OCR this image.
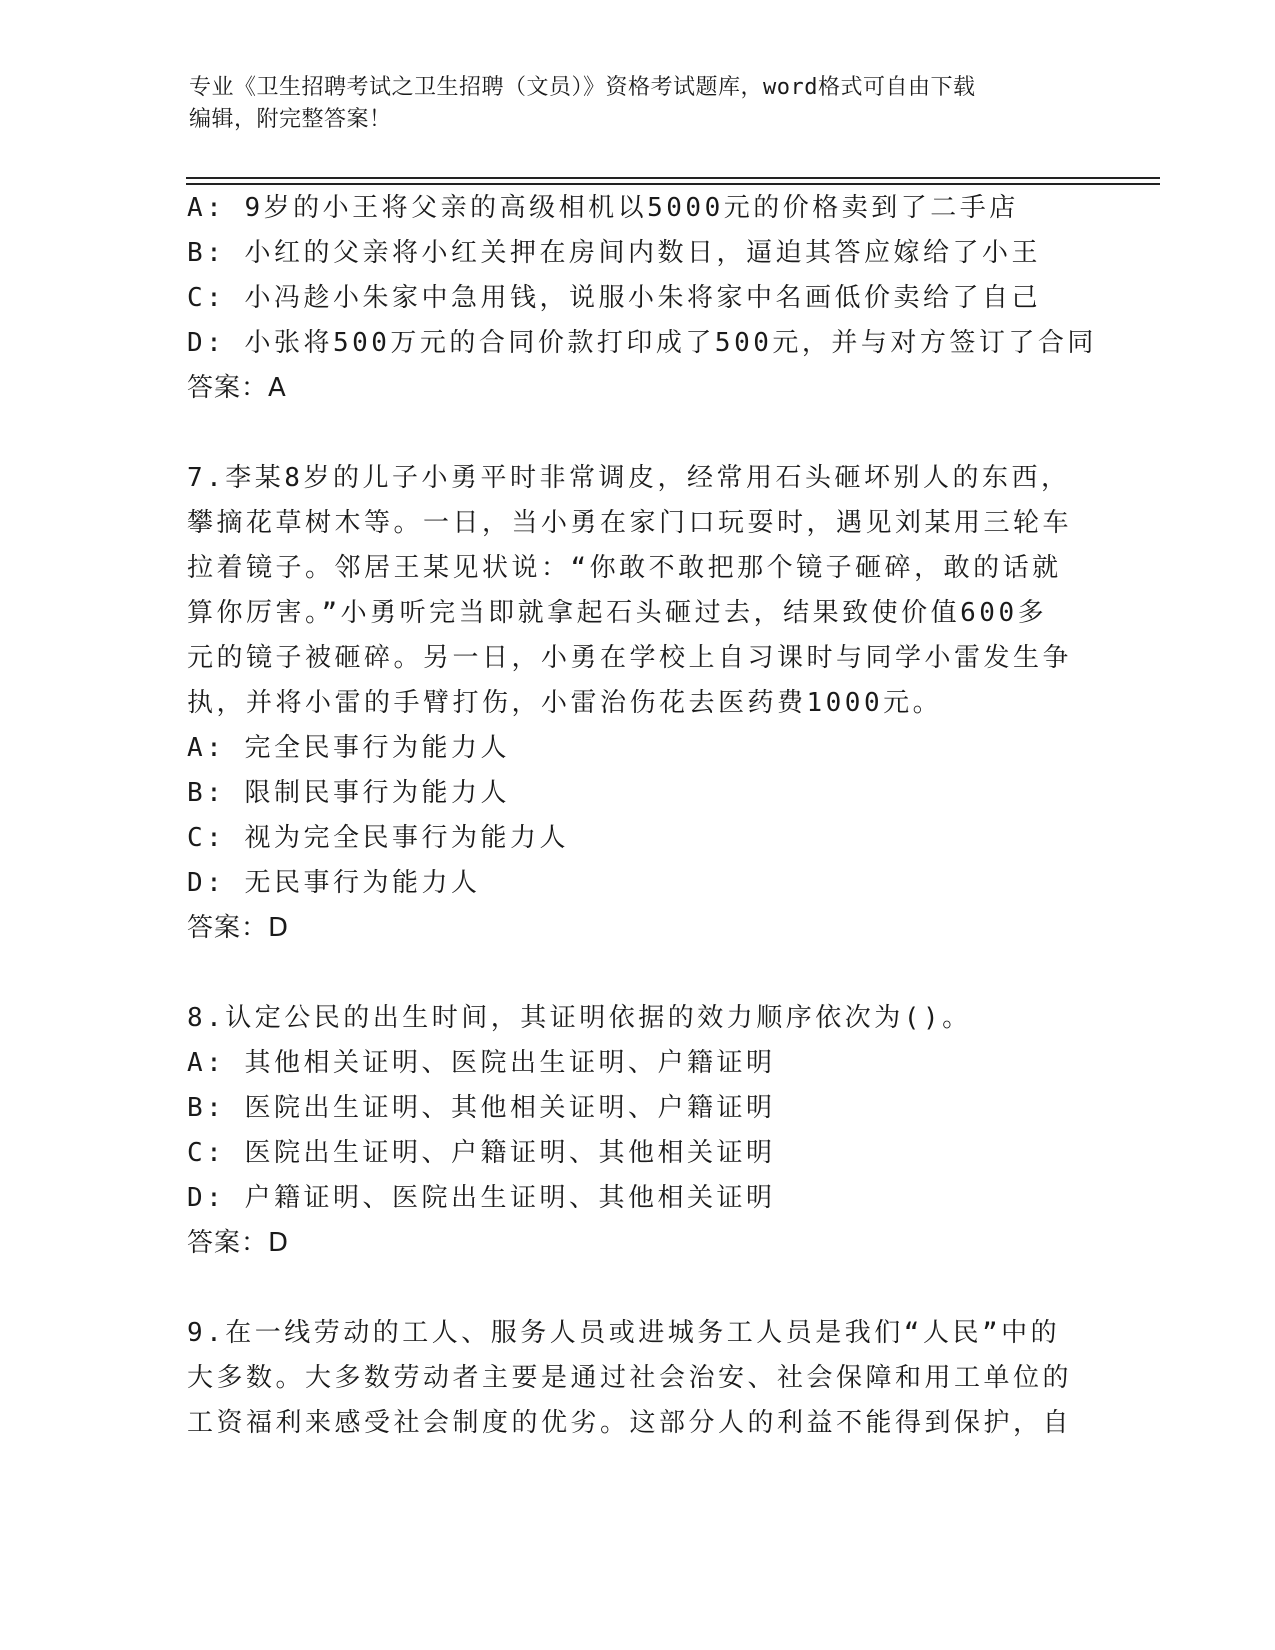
专业《卫生招聘考试之卫生招聘（文员）》资格考试题库，word格式可自由下载
编辑，附完整答案！
A: 9岁的小王将父亲的高级相机以5000元的价格卖到了二手店
B: 小红的父亲将小红关押在房间内数日，逼迫其答应嫁给了小王
C: 小冯趁小朱家中急用钱，说服小朱将家中名画低价卖给了自己
D: 小张将500万元的合同价款打印成了500元，并与对方签订了合同
答案：A
7.李某8岁的儿子小勇平时非常调皮，经常用石头砸坏别人的东西，
攀摘花草树木等。一日，当小勇在家门口玩耍时，遇见刘某用三轮车
拉着镜子。邻居王某见状说：“你敢不敢把那个镜子砸碎，敢的话就
算你厉害。”小勇听完当即就拿起石头砸过去，结果致使价值600多
元的镜子被砸碎。另一日，小勇在学校上自习课时与同学小雷发生争
执，并将小雷的手臂打伤，小雷治伤花去医药费1000元。
A: 完全民事行为能力人
B: 限制民事行为能力人
C: 视为完全民事行为能力人
D: 无民事行为能力人
答案：D
8.认定公民的出生时间，其证明依据的效力顺序依次为()。
A: 其他相关证明、医院出生证明、户籍证明
B: 医院出生证明、其他相关证明、户籍证明
C: 医院出生证明、户籍证明、其他相关证明
D: 户籍证明、医院出生证明、其他相关证明
答案：D
9.在一线劳动的工人、服务人员或进城务工人员是我们“人民”中的
大多数。大多数劳动者主要是通过社会治安、社会保障和用工单位的
工资福利来感受社会制度的优劣。这部分人的利益不能得到保护，自
